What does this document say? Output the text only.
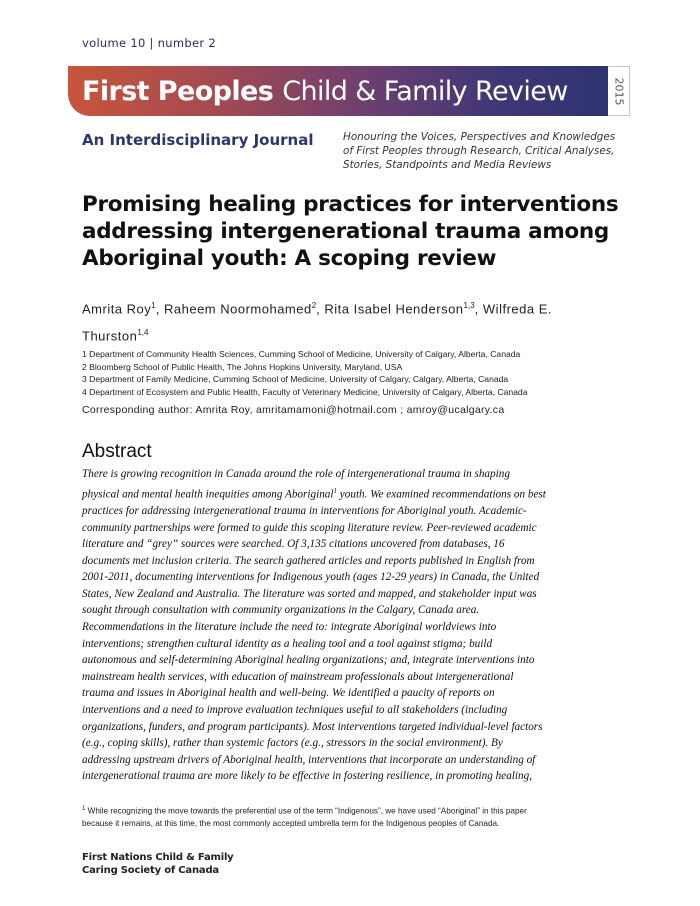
volume 10 | number 2
First Peoples Child & Family Review	2015
An Interdisciplinary Journal	Honouring the Voices, Perspectives and Knowledges
of First Peoples through Research, Critical Analyses,
Stories, Standpoints and Media Reviews
Promising healing practices for interventions
addressing intergenerational trauma among
Aboriginal youth: A scoping review
Amrita Roy$^1$, Raheem Noormohamed$^2$, Rita Isabel Henderson$^{1,3}$, Wilfreda E.
Thurston$^{1,4}$
1 Department of Community Health Sciences, Cumming School of Medicine, University of Calgary, Alberta, Canada
2 Bloomberg School of Public Health, The Johns Hopkins University, Maryland, USA
3 Department of Family Medicine, Cumming School of Medicine, University of Calgary, Calgary, Alberta, Canada
4 Department of Ecosystem and Public Health, Faculty of Veterinary Medicine, University of Calgary, Alberta, Canada
Corresponding author: Amrita Roy, amritamamoni@hotmail.com ; amroy@ucalgary.ca
Abstract
There is growing recognition in Canada around the role of intergenerational trauma in shaping
physical and mental health inequities among Aboriginal$^1$ youth. We examined recommendations on best
practices for addressing intergenerational trauma in interventions for Aboriginal youth. Academic-
community partnerships were formed to guide this scoping literature review. Peer-reviewed academic
literature and “grey” sources were searched. Of 3,135 citations uncovered from databases, 16
documents met inclusion criteria. The search gathered articles and reports published in English from
2001-2011, documenting interventions for Indigenous youth (ages 12-29 years) in Canada, the United
States, New Zealand and Australia. The literature was sorted and mapped, and stakeholder input was
sought through consultation with community organizations in the Calgary, Canada area.
Recommendations in the literature include the need to: integrate Aboriginal worldviews into
interventions; strengthen cultural identity as a healing tool and a tool against stigma; build
autonomous and self-determining Aboriginal healing organizations; and, integrate interventions into
mainstream health services, with education of mainstream professionals about intergenerational
trauma and issues in Aboriginal health and well-being. We identified a paucity of reports on
interventions and a need to improve evaluation techniques useful to all stakeholders (including
organizations, funders, and program participants). Most interventions targeted individual-level factors
(e.g., coping skills), rather than systemic factors (e.g., stressors in the social environment). By
addressing upstream drivers of Aboriginal health, interventions that incorporate an understanding of
intergenerational trauma are more likely to be effective in fostering resilience, in promoting healing,
$^1$ While recognizing the move towards the preferential use of the term “Indigenous”, we have used “Aboriginal” in this paper
because it remains, at this time, the most commonly accepted umbrella term for the Indigenous peoples of Canada.
First Nations Child & Family
Caring Society of Canada
